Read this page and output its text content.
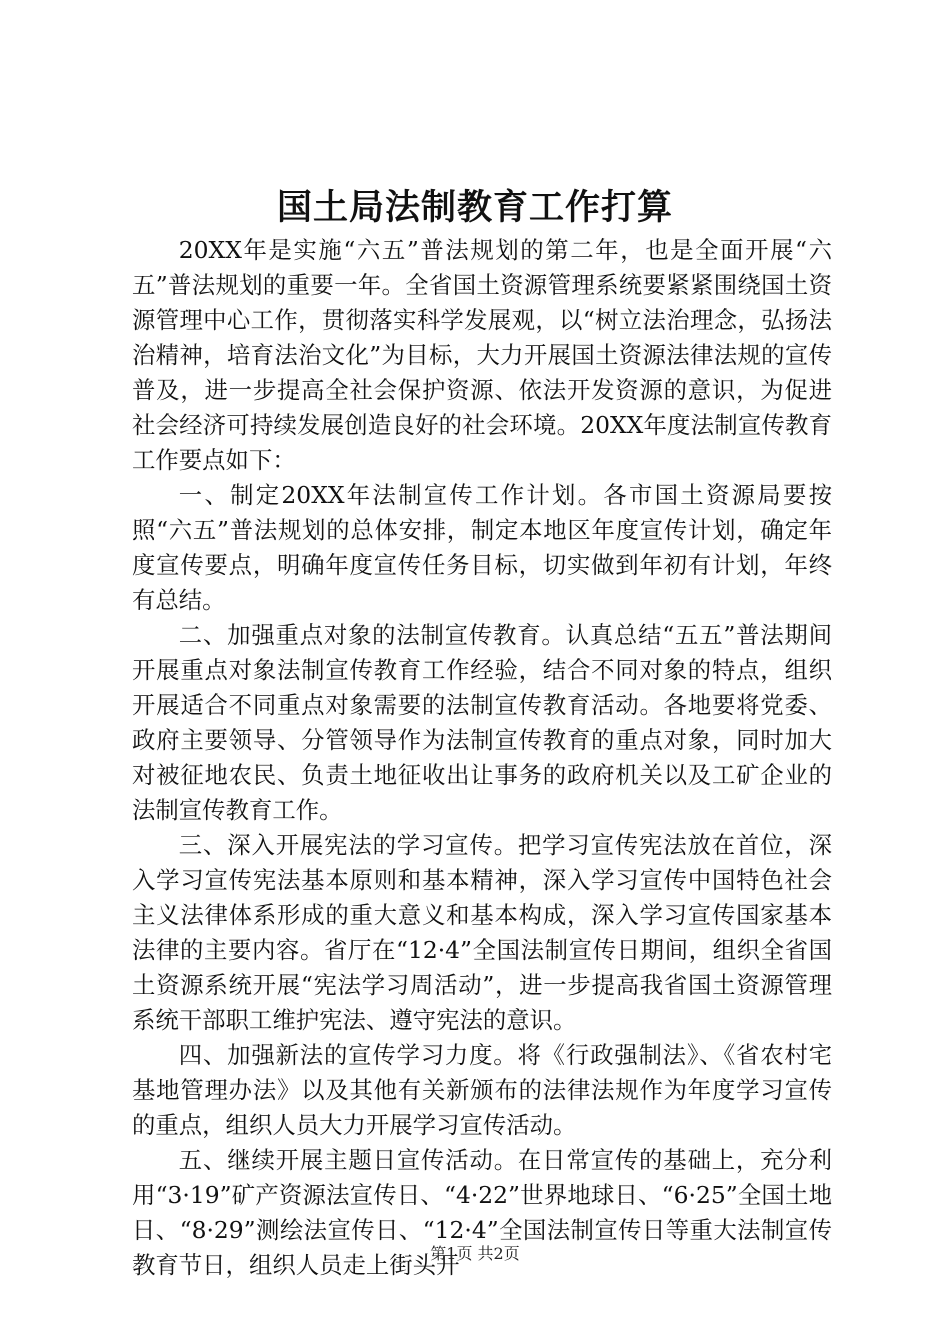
国土局法制教育工作打算

20XX年是实施“六五”普法规划的第二年，也是全面开展“六五”普法规划的重要一年。全省国土资源管理系统要紧紧围绕国土资源管理中心工作，贯彻落实科学发展观，以“树立法治理念，弘扬法治精神，培育法治文化”为目标，大力开展国土资源法律法规的宣传普及，进一步提高全社会保护资源、依法开发资源的意识，为促进社会经济可持续发展创造良好的社会环境。20XX年度法制宣传教育工作要点如下：

一、制定20XX年法制宣传工作计划。各市国土资源局要按照“六五”普法规划的总体安排，制定本地区年度宣传计划，确定年度宣传要点，明确年度宣传任务目标，切实做到年初有计划，年终有总结。

二、加强重点对象的法制宣传教育。认真总结“五五”普法期间开展重点对象法制宣传教育工作经验，结合不同对象的特点，组织开展适合不同重点对象需要的法制宣传教育活动。各地要将党委、政府主要领导、分管领导作为法制宣传教育的重点对象，同时加大对被征地农民、负责土地征收出让事务的政府机关以及工矿企业的法制宣传教育工作。

三、深入开展宪法的学习宣传。把学习宣传宪法放在首位，深入学习宣传宪法基本原则和基本精神，深入学习宣传中国特色社会主义法律体系形成的重大意义和基本构成，深入学习宣传国家基本法律的主要内容。省厅在“12·4”全国法制宣传日期间，组织全省国土资源系统开展“宪法学习周活动”，进一步提高我省国土资源管理系统干部职工维护宪法、遵守宪法的意识。

四、加强新法的宣传学习力度。将《行政强制法》、《省农村宅基地管理办法》以及其他有关新颁布的法律法规作为年度学习宣传的重点，组织人员大力开展学习宣传活动。

五、继续开展主题日宣传活动。在日常宣传的基础上，充分利用“3·19”矿产资源法宣传日、“4·22”世界地球日、“6·25”全国土地日、“8·29”测绘法宣传日、“12·4”全国法制宣传日等重大法制宣传教育节日，组织人员走上街头开

第1页 共2页
